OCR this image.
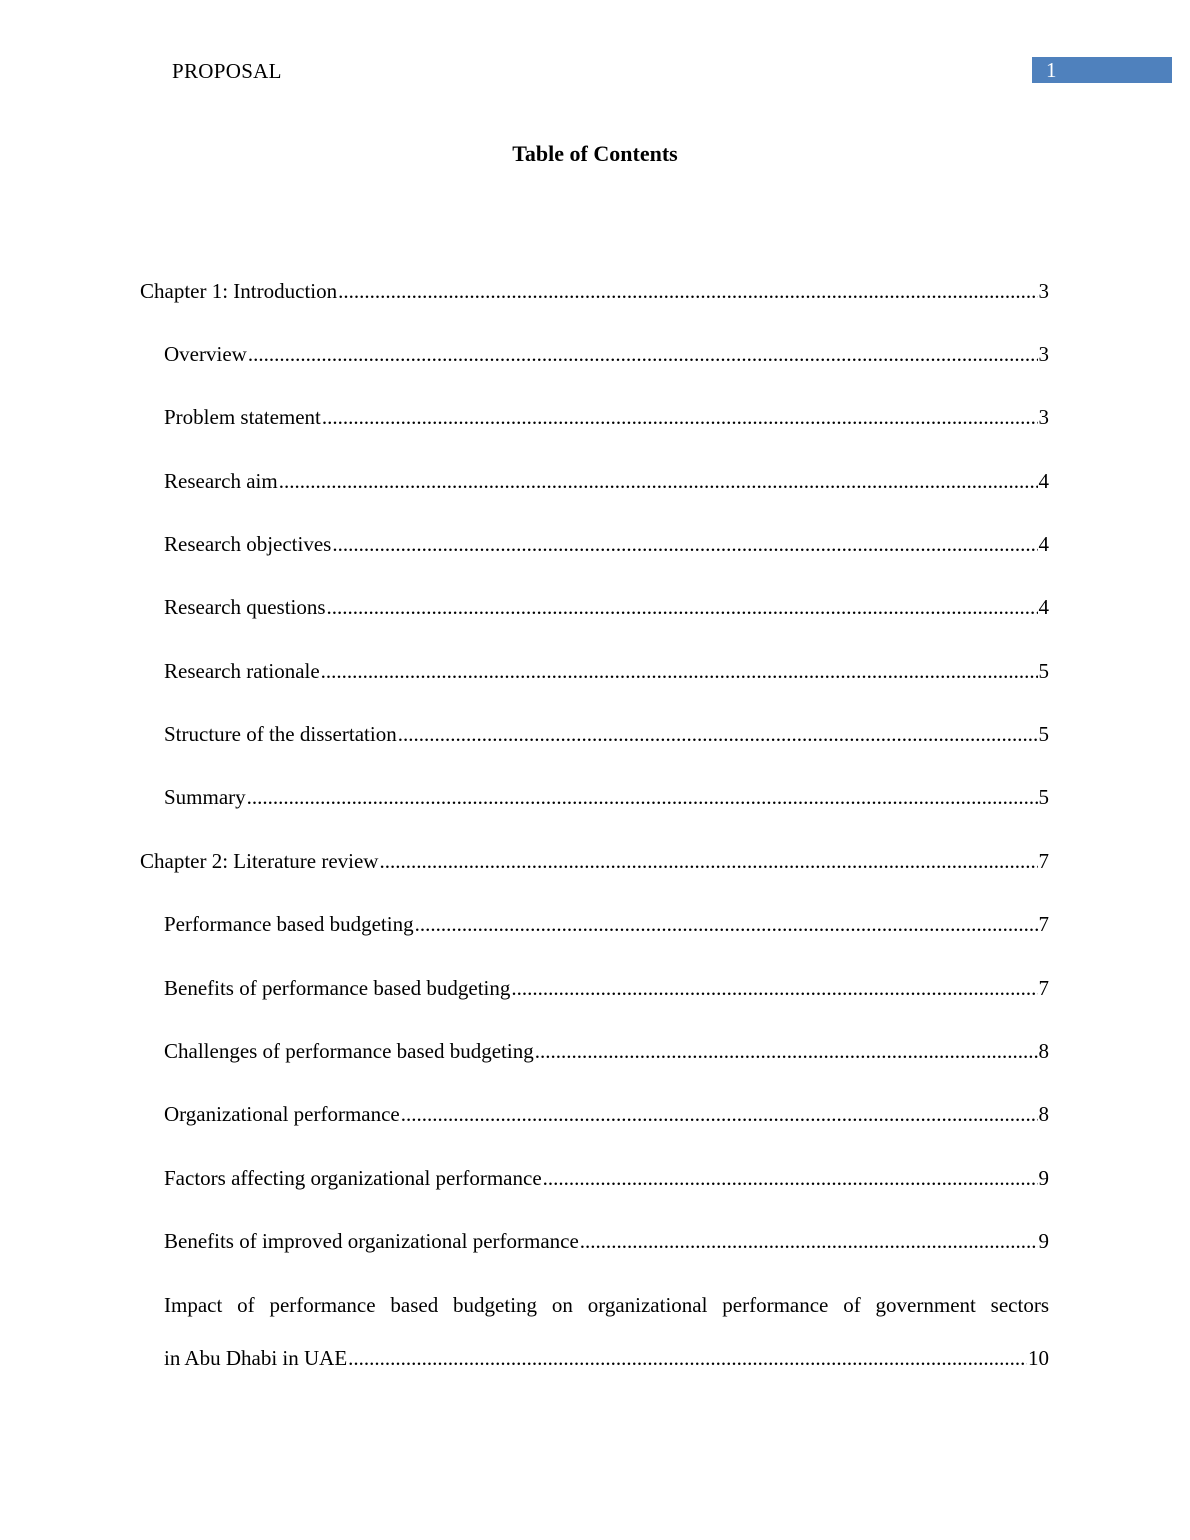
PROPOSAL	1
Table of Contents
Chapter 1: Introduction .....	3
Overview .....	3
Problem statement .....	3
Research aim .....	4
Research objectives .....	4
Research questions .....	4
Research rationale .....	5
Structure of the dissertation .....	5
Summary .....	5
Chapter 2: Literature review .....	7
Performance based budgeting .....	7
Benefits of performance based budgeting .....	7
Challenges of performance based budgeting .....	8
Organizational performance .....	8
Factors affecting organizational performance .....	9
Benefits of improved organizational performance .....	9
Impact of performance based budgeting on organizational performance of government sectors
in Abu Dhabi in UAE .....	10
